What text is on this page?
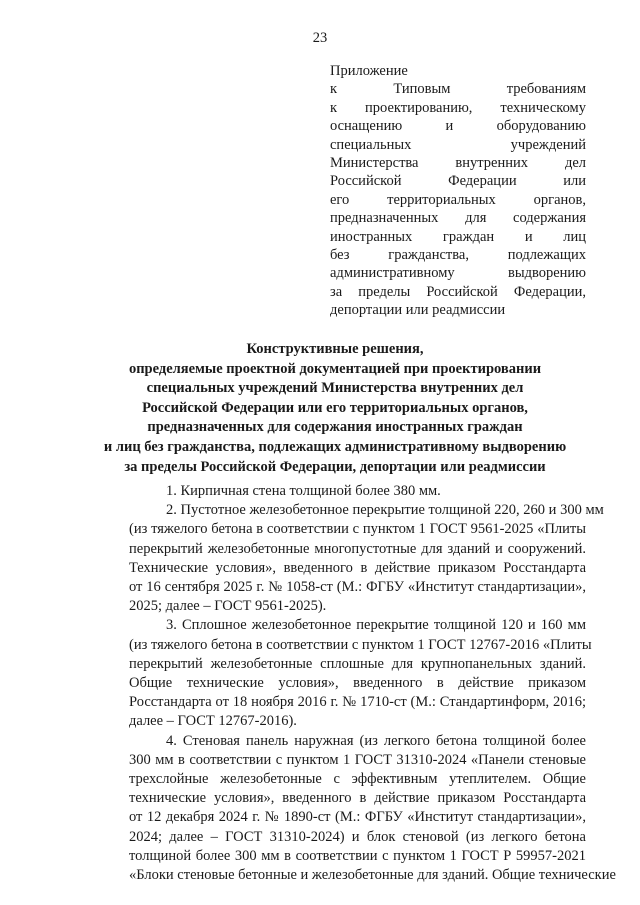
23
Приложение
к Типовым требованиям
к проектированию, техническому
оснащению и оборудованию
специальных учреждений
Министерства внутренних дел
Российской Федерации или
его территориальных органов,
предназначенных для содержания
иностранных граждан и лиц
без гражданства, подлежащих
административному выдворению
за пределы Российской Федерации,
депортации или реадмиссии
Конструктивные решения,
определяемые проектной документацией при проектировании
специальных учреждений Министерства внутренних дел
Российской Федерации или его территориальных органов,
предназначенных для содержания иностранных граждан
и лиц без гражданства, подлежащих административному выдворению
за пределы Российской Федерации, депортации или реадмиссии
1. Кирпичная стена толщиной более 380 мм.
2. Пустотное железобетонное перекрытие толщиной 220, 260 и 300 мм
(из тяжелого бетона в соответствии с пунктом 1 ГОСТ 9561-2025 «Плиты
перекрытий железобетонные многопустотные для зданий и сооружений.
Технические условия», введенного в действие приказом Росстандарта
от 16 сентября 2025 г. № 1058-ст (М.: ФГБУ «Институт стандартизации»,
2025; далее – ГОСТ 9561-2025).
3. Сплошное железобетонное перекрытие толщиной 120 и 160 мм
(из тяжелого бетона в соответствии с пунктом 1 ГОСТ 12767-2016 «Плиты
перекрытий железобетонные сплошные для крупнопанельных зданий.
Общие технические условия», введенного в действие приказом
Росстандарта от 18 ноября 2016 г. № 1710-ст (М.: Стандартинформ, 2016;
далее – ГОСТ 12767-2016).
4. Стеновая панель наружная (из легкого бетона толщиной более
300 мм в соответствии с пунктом 1 ГОСТ 31310-2024 «Панели стеновые
трехслойные железобетонные с эффективным утеплителем. Общие
технические условия», введенного в действие приказом Росстандарта
от 12 декабря 2024 г. № 1890-ст (М.: ФГБУ «Институт стандартизации»,
2024; далее – ГОСТ 31310-2024) и блок стеновой (из легкого бетона
толщиной более 300 мм в соответствии с пунктом 1 ГОСТ Р 59957-2021
«Блоки стеновые бетонные и железобетонные для зданий. Общие технические
